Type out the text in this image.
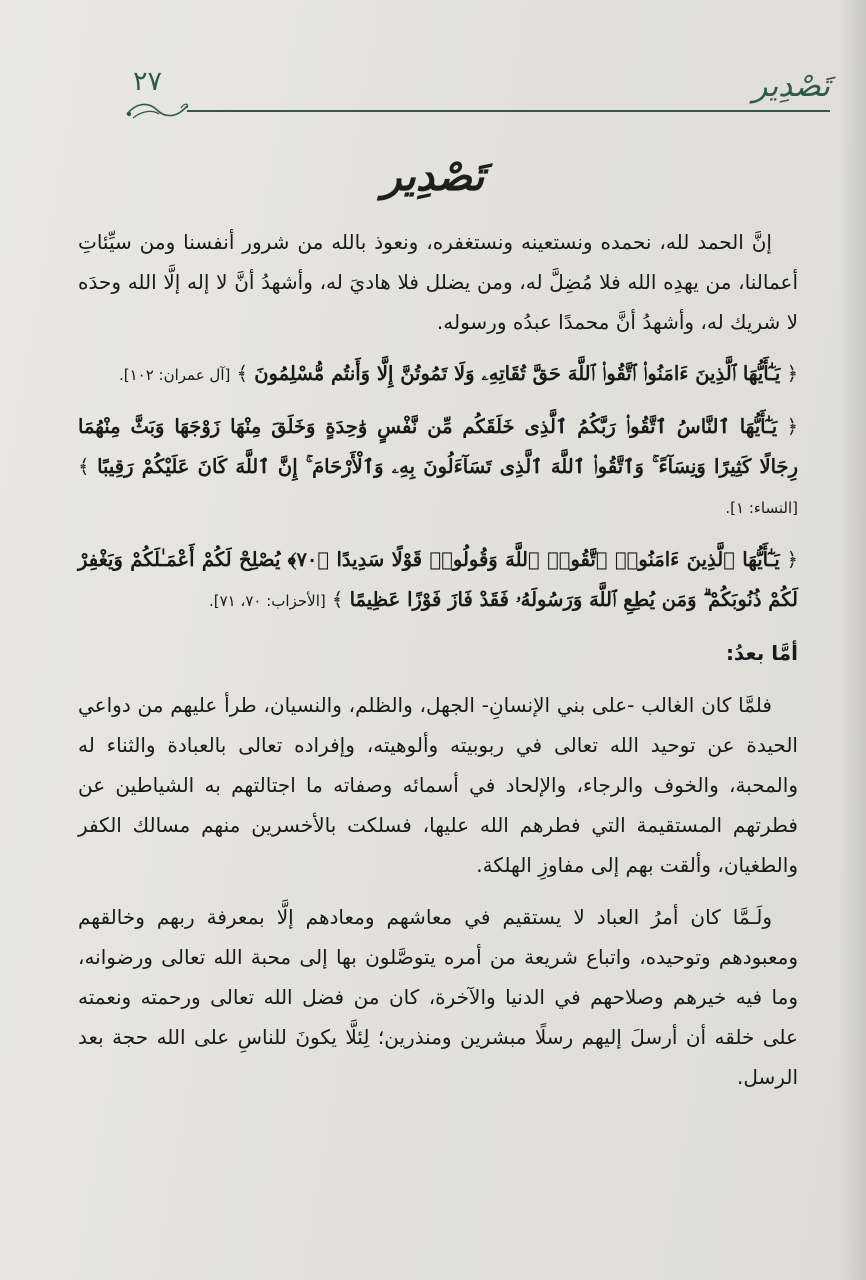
تَصْدِير
٢٧
تَصْدِير

إنَّ الحمد لله، نحمده ونستعينه ونستغفره، ونعوذ بالله من شرور أنفسنا ومن سيِّئاتِ أعمالنا، من يهدِه الله فلا مُضِلَّ له، ومن يضلل فلا هاديَ له، وأشهدُ أنَّ لا إله إلَّا الله وحدَه لا شريك له، وأشهدُ أنَّ محمدًا عبدُه ورسوله.

﴿ يَـٰٓأَيُّهَا ٱلَّذِينَ ءَامَنُوا۟ ٱتَّقُوا۟ ٱللَّهَ حَقَّ تُقَاتِهِۦ وَلَا تَمُوتُنَّ إِلَّا وَأَنتُم مُّسْلِمُونَ ﴾ [آل عمران: ١٠٢].

﴿ يَـٰٓأَيُّهَا ٱلنَّاسُ ٱتَّقُوا۟ رَبَّكُمُ ٱلَّذِى خَلَقَكُم مِّن نَّفْسٍ وَٰحِدَةٍ وَخَلَقَ مِنْهَا زَوْجَهَا وَبَثَّ مِنْهُمَا رِجَالًا كَثِيرًا وَنِسَآءً ۚ وَٱتَّقُوا۟ ٱللَّهَ ٱلَّذِى تَسَآءَلُونَ بِهِۦ وَٱلْأَرْحَامَ ۚ إِنَّ ٱللَّهَ كَانَ عَلَيْكُمْ رَقِيبًا ﴾ [النساء: ١].

﴿ يَـٰٓأَيُّهَا ٱلَّذِينَ ءَامَنُوا۟ ٱتَّقُوا۟ ٱللَّهَ وَقُولُوا۟ قَوْلًا سَدِيدًا ﴿٧٠﴾ يُصْلِحْ لَكُمْ أَعْمَـٰلَكُمْ وَيَغْفِرْ لَكُمْ ذُنُوبَكُمْ ۗ وَمَن يُطِعِ ٱللَّهَ وَرَسُولَهُۥ فَقَدْ فَازَ فَوْزًا عَظِيمًا ﴾ [الأحزاب: ٧٠، ٧١].

أمَّا بعدُ:

فلمَّا كان الغالب -على بني الإنسانِ- الجهل، والظلم، والنسيان، طرأ عليهم من دواعي الحيدة عن توحيد الله تعالى في ربوبيته وألوهيته، وإفراده تعالى بالعبادة والثناء له والمحبة، والخوف والرجاء، والإلحاد في أسمائه وصفاته ما اجتالتهم به الشياطين عن فطرتهم المستقيمة التي فطرهم الله عليها، فسلكت بالأخسرين منهم مسالك الكفر والطغيان، وألقت بهم إلى مفاوزِ الهلكة.

ولَـمَّا كان أمرُ العباد لا يستقيم في معاشهم ومعادهم إلَّا بمعرفة ربهم وخالقهم ومعبودهم وتوحيده، واتباع شريعة من أمره يتوصَّلون بها إلى محبة الله تعالى ورضوانه، وما فيه خيرهم وصلاحهم في الدنيا والآخرة، كان من فضل الله تعالى ورحمته ونعمته على خلقه أن أرسلَ إليهم رسلًا مبشرين ومنذرين؛ لِئلَّا يكونَ للناسِ على الله حجة بعد الرسل.
